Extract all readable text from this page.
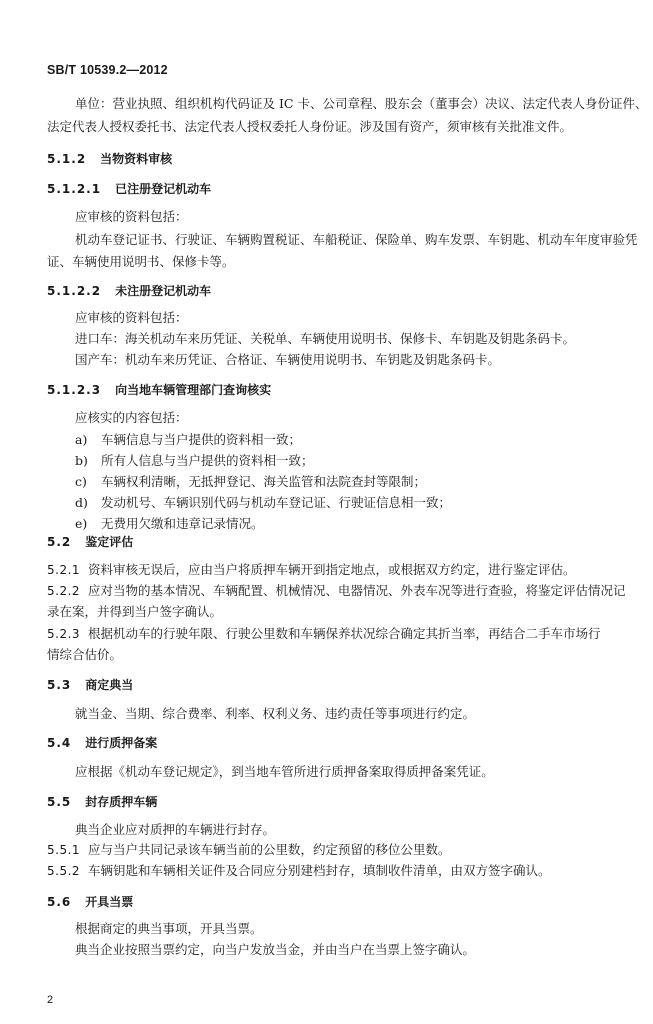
SB/T 10539.2—2012
单位：营业执照、组织机构代码证及 IC 卡、公司章程、股东会（董事会）决议、法定代表人身份证件、
法定代表人授权委托书、法定代表人授权委托人身份证。涉及国有资产，须审核有关批准文件。
5.1.2 当物资料审核
5.1.2.1 已注册登记机动车
应审核的资料包括：
机动车登记证书、行驶证、车辆购置税证、车船税证、保险单、购车发票、车钥匙、机动车年度审验凭
证、车辆使用说明书、保修卡等。
5.1.2.2 未注册登记机动车
应审核的资料包括：
进口车：海关机动车来历凭证、关税单、车辆使用说明书、保修卡、车钥匙及钥匙条码卡。
国产车：机动车来历凭证、合格证、车辆使用说明书、车钥匙及钥匙条码卡。
5.1.2.3 向当地车辆管理部门查询核实
应核实的内容包括：
a) 车辆信息与当户提供的资料相一致；
b) 所有人信息与当户提供的资料相一致；
c) 车辆权利清晰，无抵押登记、海关监管和法院查封等限制；
d) 发动机号、车辆识别代码与机动车登记证、行驶证信息相一致；
e) 无费用欠缴和违章记录情况。
5.2 鉴定评估
5.2.1 资料审核无误后，应由当户将质押车辆开到指定地点，或根据双方约定，进行鉴定评估。
5.2.2 应对当物的基本情况、车辆配置、机械情况、电器情况、外表车况等进行查验，将鉴定评估情况记
录在案，并得到当户签字确认。
5.2.3 根据机动车的行驶年限、行驶公里数和车辆保养状况综合确定其折当率，再结合二手车市场行
情综合估价。
5.3 商定典当
就当金、当期、综合费率、利率、权利义务、违约责任等事项进行约定。
5.4 进行质押备案
应根据《机动车登记规定》，到当地车管所进行质押备案取得质押备案凭证。
5.5 封存质押车辆
典当企业应对质押的车辆进行封存。
5.5.1 应与当户共同记录该车辆当前的公里数，约定预留的移位公里数。
5.5.2 车辆钥匙和车辆相关证件及合同应分别建档封存，填制收件清单，由双方签字确认。
5.6 开具当票
根据商定的典当事项，开具当票。
典当企业按照当票约定，向当户发放当金，并由当户在当票上签字确认。
2
